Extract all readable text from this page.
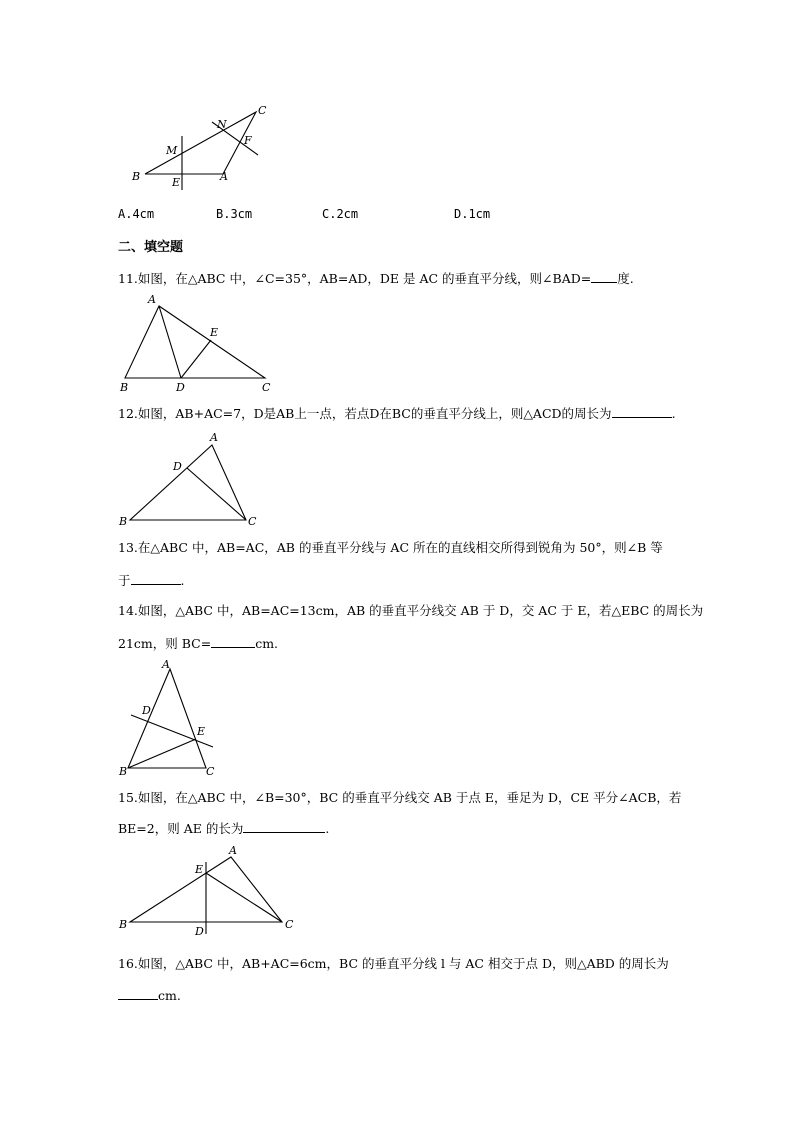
B	E	A
M
N
F
C
A.4cm	B.3cm	C.2cm	D.1cm
二、填空题
11.如图，在△ABC 中，∠C=35°，AB=AD，DE 是 AC 的垂直平分线，则∠BAD= 度.
A
E
B	D	C
12.如图，AB+AC=7，D是AB上一点，若点D在BC的垂直平分线上，则△ACD的周长为	.
A
D
B	C
13.在△ABC 中，AB=AC，AB 的垂直平分线与 AC 所在的直线相交所得到锐角为 50°，则∠B 等
于	.
14.如图，△ABC 中，AB=AC=13cm，AB 的垂直平分线交 AB 于 D，交 AC 于 E，若△EBC 的周长为
21cm，则 BC=	cm.
A
D
E
B	C
15.如图，在△ABC 中，∠B=30°，BC 的垂直平分线交 AB 于点 E，垂足为 D，CE 平分∠ACB，若
BE=2，则 AE 的长为	.
A
E
B
D
C
16.如图，△ABC 中，AB+AC=6cm，BC 的垂直平分线 l 与 AC 相交于点 D，则△ABD 的周长为
cm.
